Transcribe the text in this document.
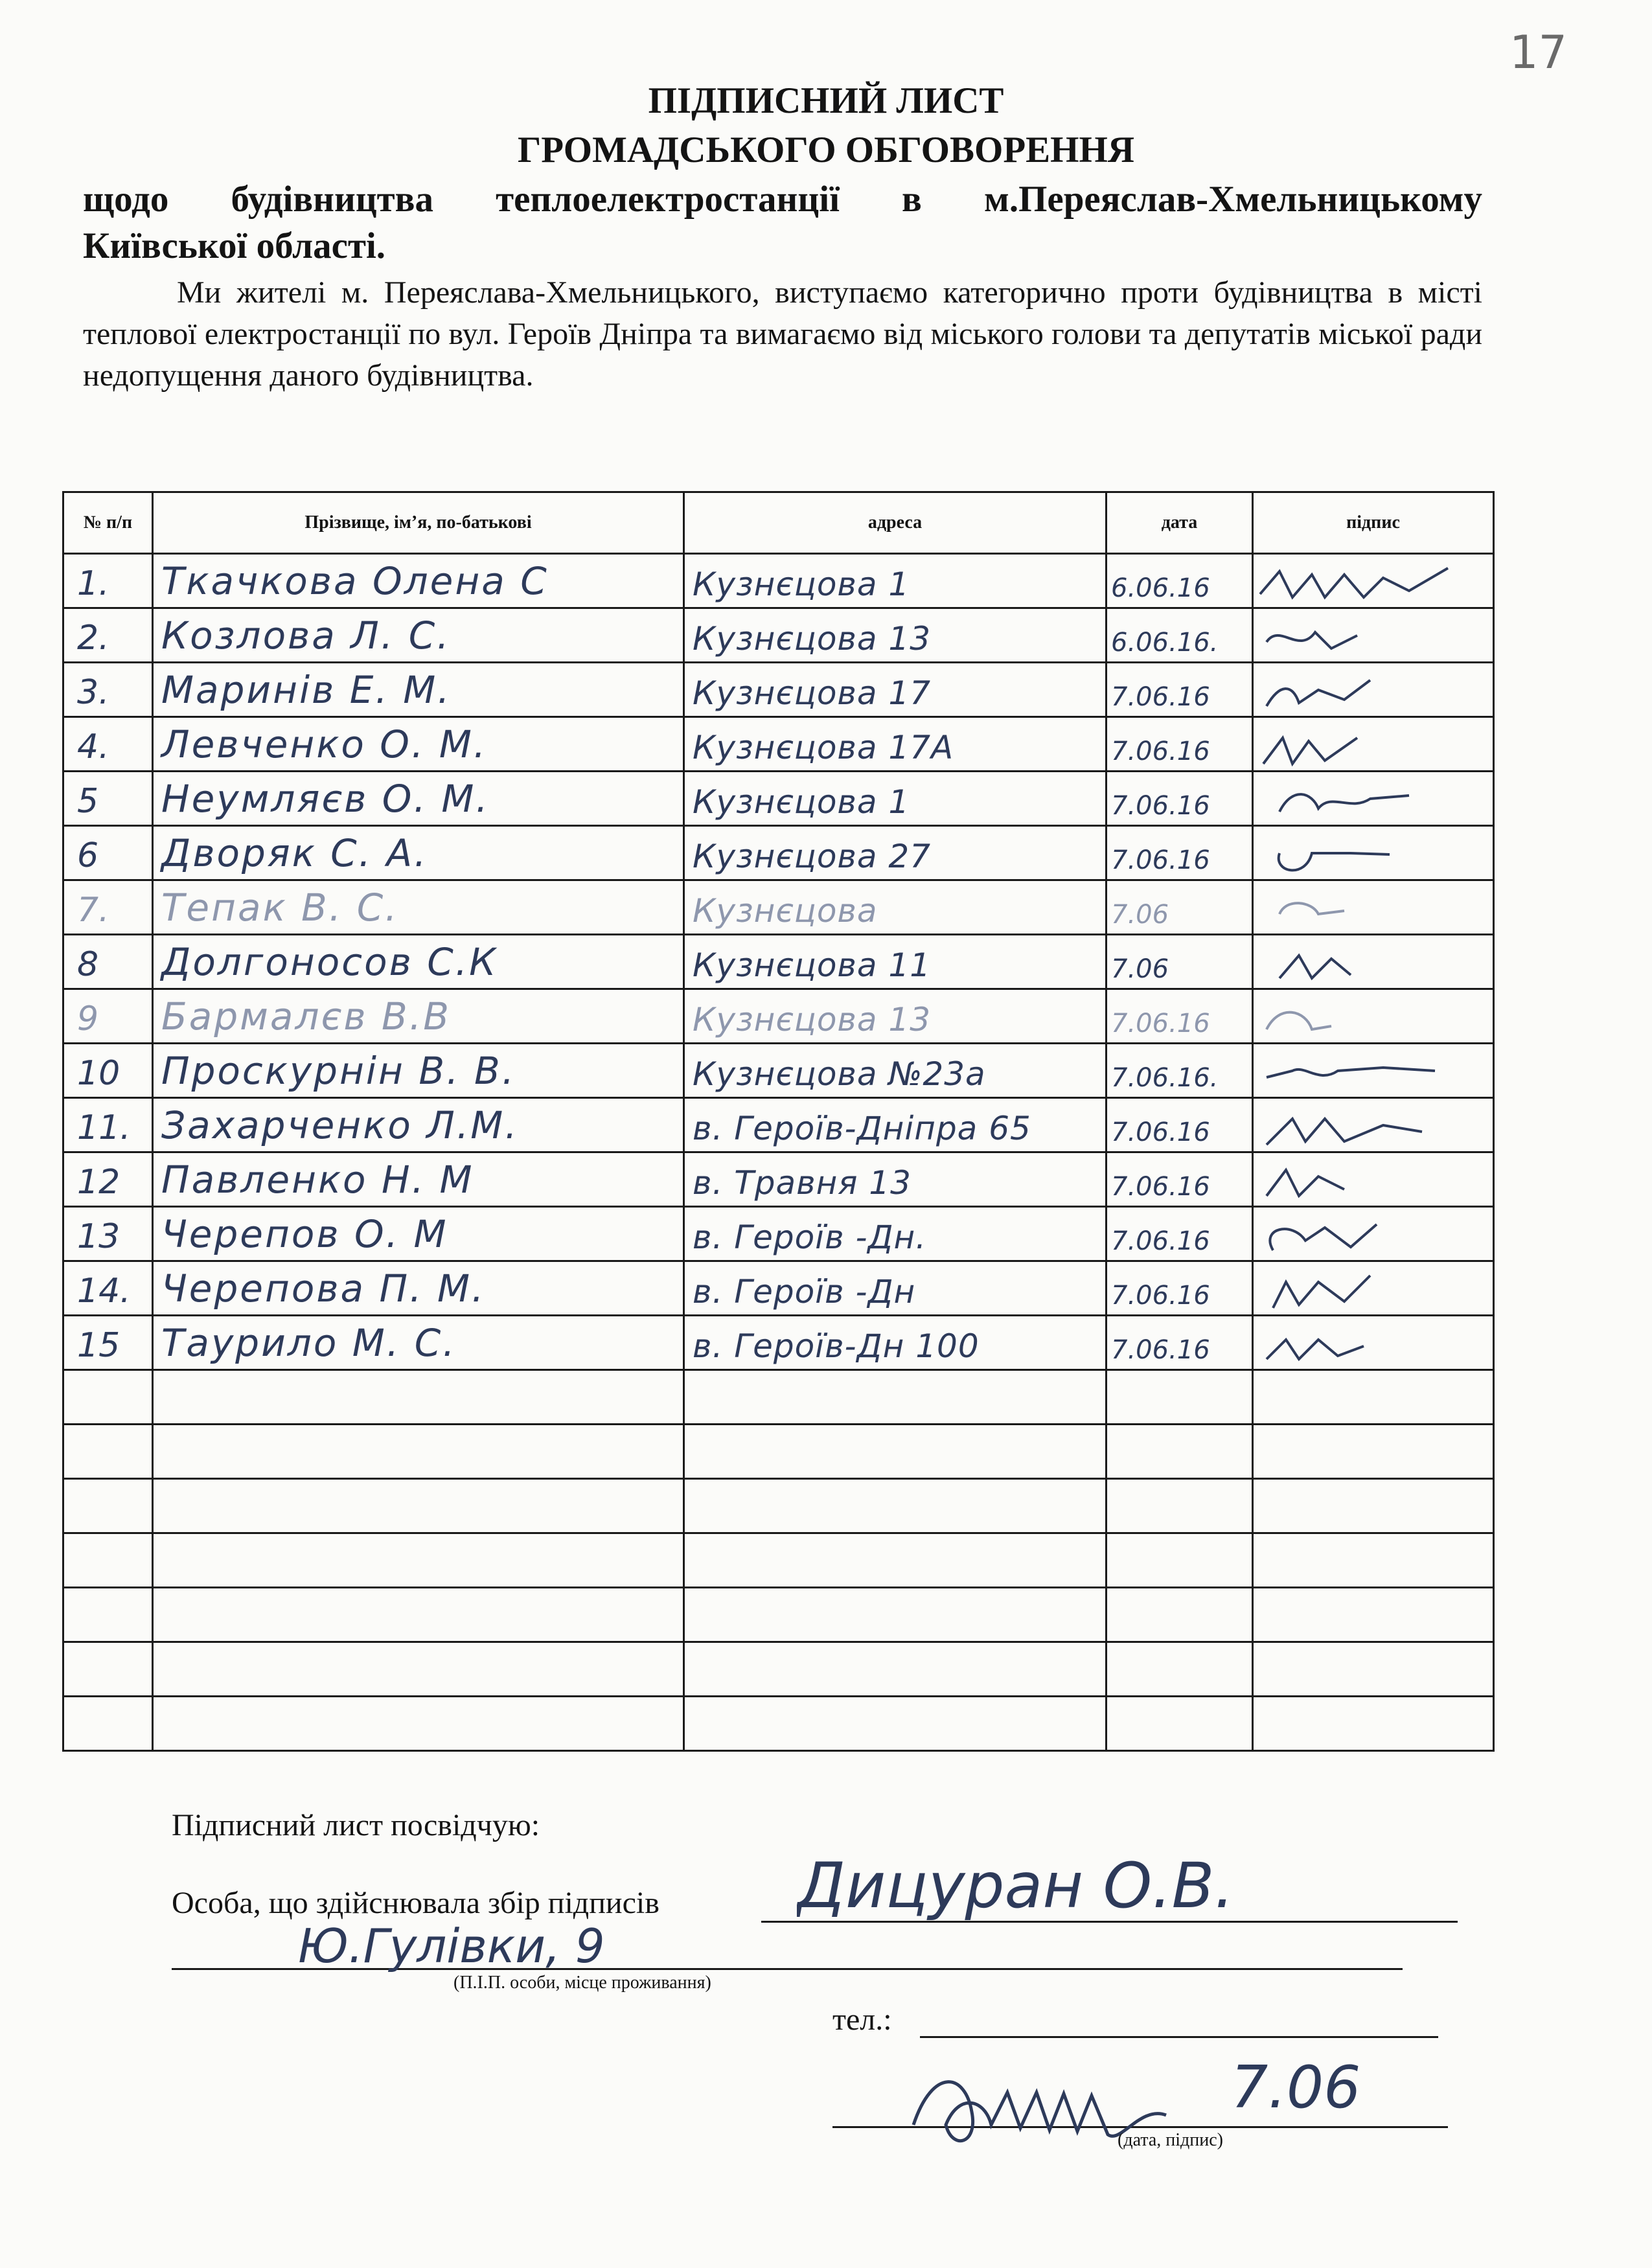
17
ПІДПИСНИЙ ЛИСТ
ГРОМАДСЬКОГО ОБГОВОРЕННЯ
щодо будівництва теплоелектростанції в м.Переяслав-Хмельницькому
Київської області.
Ми жителі м. Переяслава-Хмельницького, виступаємо категорично проти будівництва в місті теплової електростанції по вул. Героїв Дніпра та вимагаємо від міського голови та депутатів міської ради недопущення даного будівництва.
№ п/п	Прізвище, ім’я, по-батькові	адреса	дата	підпис

1.	Ткачкова Олена С	Кузнєцова 1	6.06.16

2.	Козлова Л. С.	Кузнєцова 13	6.06.16.

3.	Маринів Е. М.	Кузнєцова 17	7.06.16

4.	Левченко О. М.	Кузнєцова 17А	7.06.16

5	Неумляєв О. М.	Кузнєцова 1	7.06.16

6	Дворяк С. А.	Кузнєцова 27	7.06.16

7.	Тепак В. С.	Кузнєцова	7.06

8	Долгоносов С.К	Кузнєцова 11	7.06

9	Бармалєв В.В	Кузнєцова 13	7.06.16

10	Проскурнін В. В.	Кузнєцова №23а	7.06.16.

11.	Захарченко Л.М.	в. Героїв-Дніпра 65	7.06.16

12	Павленко Н. М	в. Травня 13	7.06.16

13	Черепов О. М	в. Героїв -Дн.	7.06.16

14.	Черепова П. М.	в. Героїв -Дн	7.06.16

15	Таурило М. С.	в. Героїв-Дн 100	7.06.16

Підписний лист посвідчую:
Особа, що здійснювала збір підписів Дицуран О.В.
Ю.Гулівки, 9
(П.І.П. особи, місце проживання)
тел.:
7.06
(дата, підпис)
